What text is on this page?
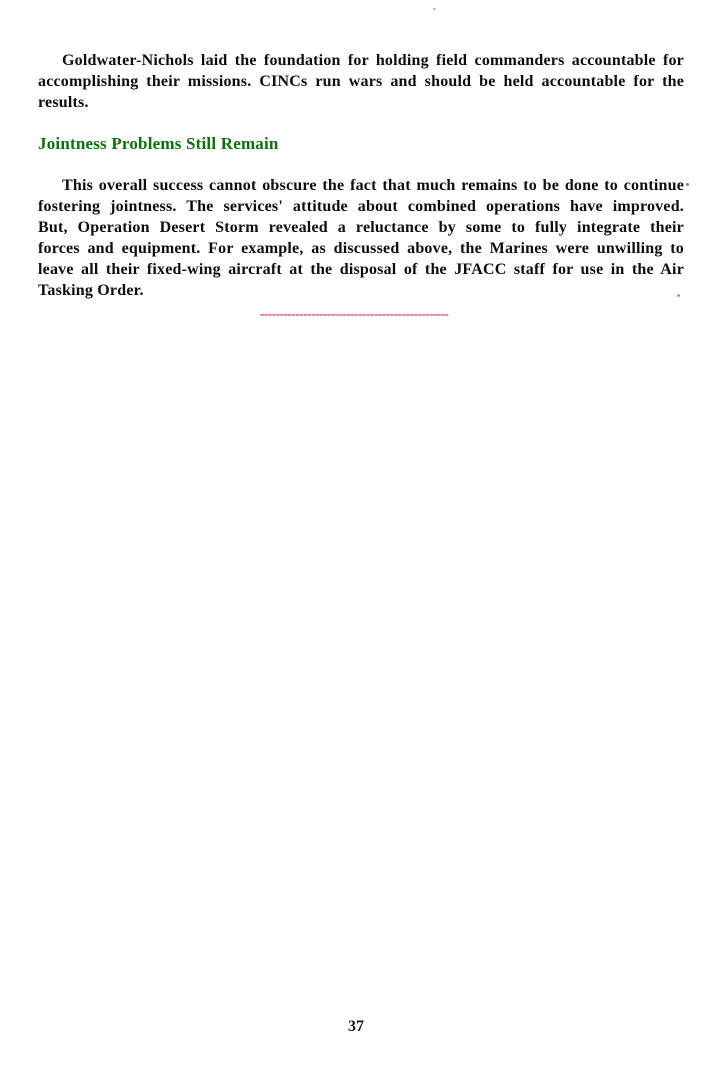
Goldwater-Nichols laid the foundation for holding field commanders accountable for
accomplishing their missions. CINCs run wars and should be held accountable for the
results.
Jointness Problems Still Remain
This overall success cannot obscure the fact that much remains to be done to continue
fostering jointness. The services' attitude about combined operations have improved.
But, Operation Desert Storm revealed a reluctance by some to fully integrate their
forces and equipment. For example, as discussed above, the Marines were unwilling to
leave all their fixed-wing aircraft at the disposal of the JFACC staff for use in the Air
Tasking Order.
------------------------------------------------
37
